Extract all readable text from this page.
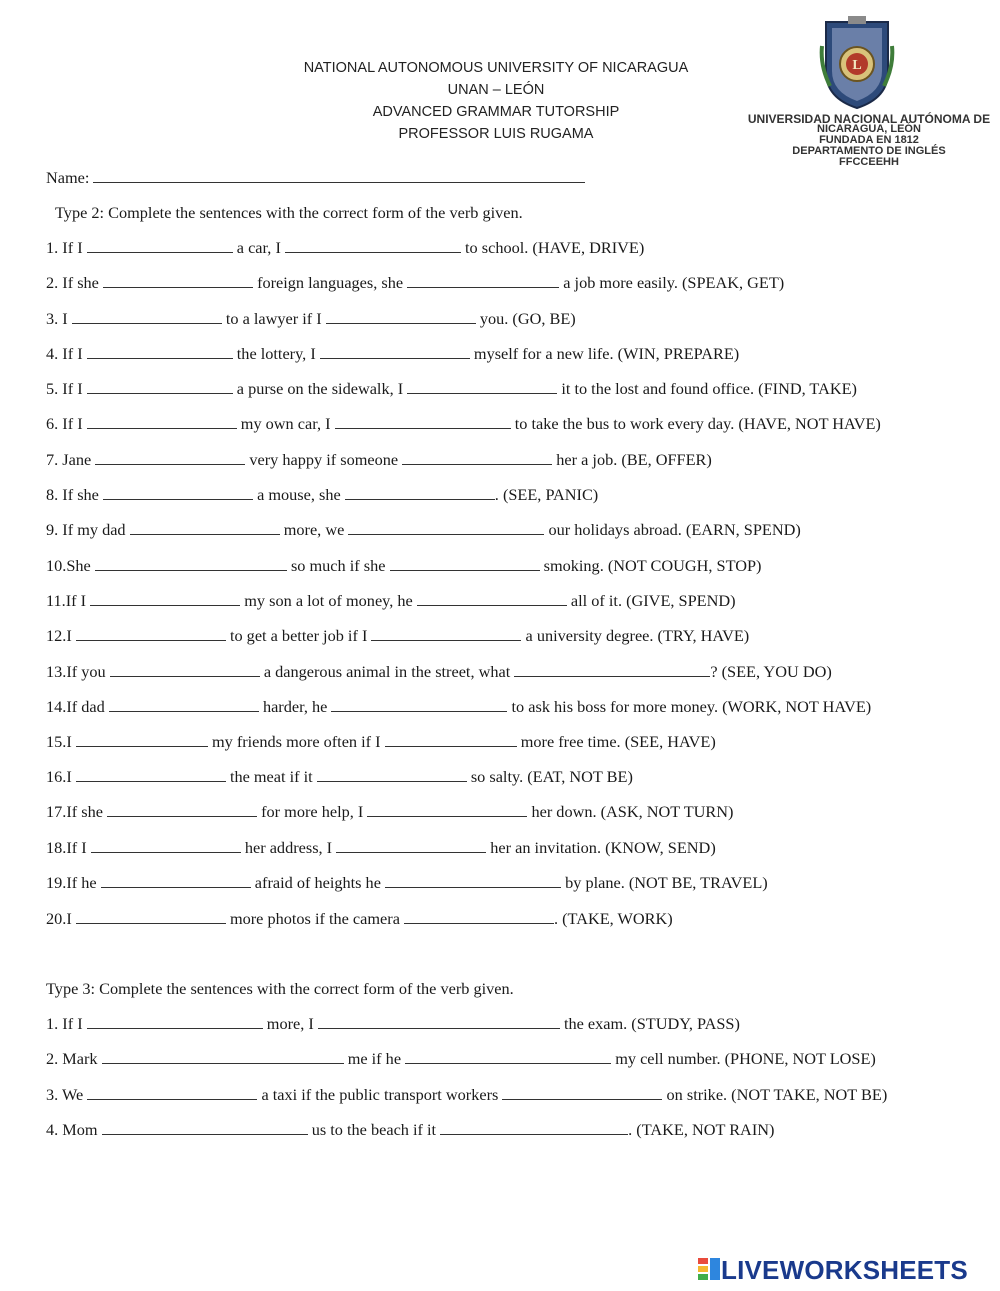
NATIONAL AUTONOMOUS UNIVERSITY OF NICARAGUA
UNAN – LEÓN
ADVANCED GRAMMAR TUTORSHIP
PROFESSOR LUIS RUGAMA
L
UNIVERSIDAD NACIONAL AUTÓNOMA DE
NICARAGUA, LEÓN
FUNDADA EN 1812
DEPARTAMENTO DE INGLÉS
FFCCEEHH
Name:
Type 2: Complete the sentences with the correct form of the verb given.
1. If I	a car, I	to school. (HAVE, DRIVE)
2. If she	foreign languages, she	a job more easily. (SPEAK, GET)
3. I	to a lawyer if I	you. (GO, BE)
4. If I	the lottery, I	myself for a new life. (WIN, PREPARE)
5. If I	a purse on the sidewalk, I	it to the lost and found office. (FIND, TAKE)
6. If I	my own car, I	to take the bus to work every day. (HAVE, NOT HAVE)
7. Jane	very happy if someone	her a job. (BE, OFFER)
8. If she	a mouse, she	. (SEE, PANIC)
9. If my dad	more, we	our holidays abroad. (EARN, SPEND)
10.She	so much if she	smoking. (NOT COUGH, STOP)
11.If I	my son a lot of money, he	all of it. (GIVE, SPEND)
12.I	to get a better job if I	a university degree. (TRY, HAVE)
13.If you	a dangerous animal in the street, what	? (SEE, YOU DO)
14.If dad	harder, he	to ask his boss for more money. (WORK, NOT HAVE)
15.I	my friends more often if I	more free time. (SEE, HAVE)
16.I	the meat if it	so salty. (EAT, NOT BE)
17.If she	for more help, I	her down. (ASK, NOT TURN)
18.If I	her address, I	her an invitation. (KNOW, SEND)
19.If he	afraid of heights he	by plane. (NOT BE, TRAVEL)
20.I	more photos if the camera	. (TAKE, WORK)
Type 3: Complete the sentences with the correct form of the verb given.
1. If I	more, I	the exam. (STUDY, PASS)
2. Mark	me if he	my cell number. (PHONE, NOT LOSE)
3. We	a taxi if the public transport workers	on strike. (NOT TAKE, NOT BE)
4. Mom	us to the beach if it	. (TAKE, NOT RAIN)
LIVEWORKSHEETS
